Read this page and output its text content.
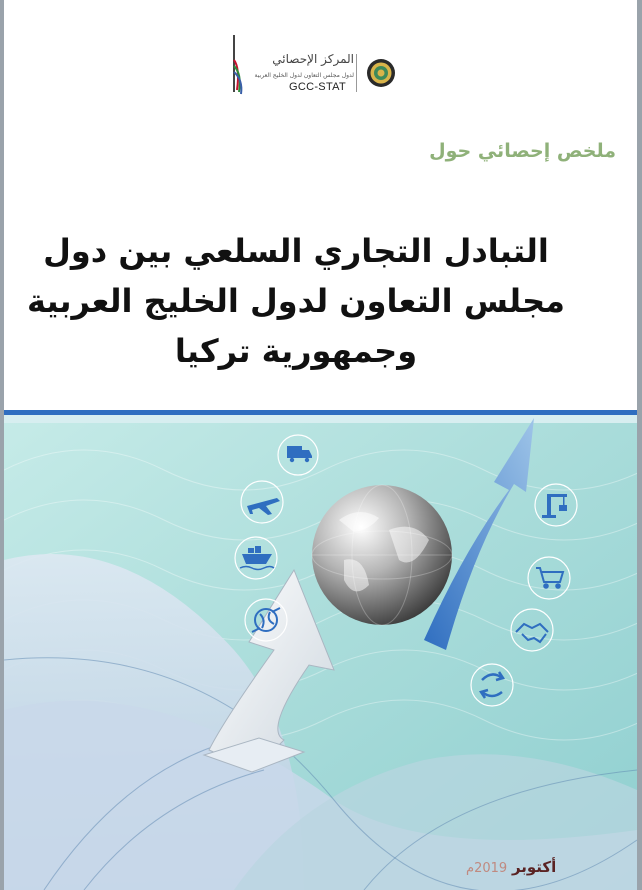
المركز الإحصائي
لدول مجلس التعاون لدول الخليج العربية
GCC-STAT
ملخص إحصائي حول
التبادل التجاري السلعي بين دول
مجلس التعاون لدول الخليج العربية
وجمهورية تركيا
أكتوبر 2019م
